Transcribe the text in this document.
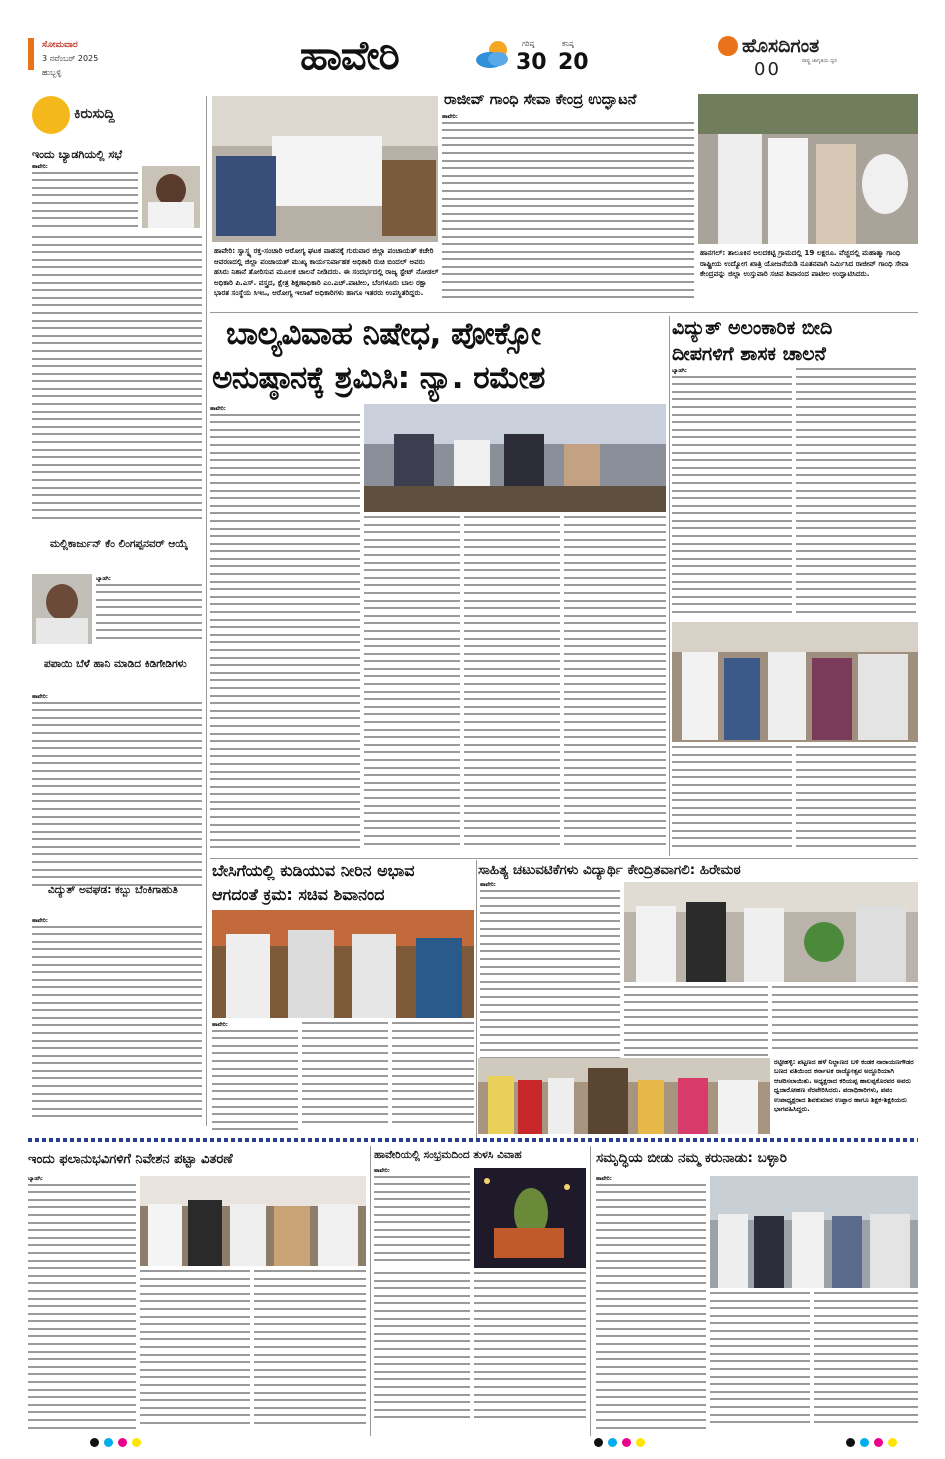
ಸೋಮವಾರ
3 ನವೆಂಬರ್ 2025
ಹುಬ್ಬಳ್ಳಿ	ಹಾವೇರಿ	ಗರಿಷ್ಠ
30
ಕನಿಷ್ಠ
20
ಹೊಸದಿಗಂತ
ರಾಷ್ಟ್ರ ಜಾಗೃತಿಯ ಧ್ವನಿ
00
ಕಿರುಸುದ್ದಿ
ಇಂದು ಬ್ಯಾಡಗಿಯಲ್ಲಿ ಸಭೆ
ಹಾವೇರಿ:
ಮಲ್ಲಿಕಾರ್ಜುನ್ ಕೆಂ ಲಿಂಗಪ್ಪನವರ್ ಆಯ್ಕೆ
ಬ್ಯಾಡಗಿ:
ಪಪಾಯಿ ಬೆಳೆ ಹಾನಿ ಮಾಡಿದ ಕಿಡಿಗೇಡಿಗಳು
ಹಾವೇರಿ:
ವಿದ್ಯುತ್ ಅವಘಡ: ಕಬ್ಬು ಬೆಂಕಿಗಾಹುತಿ
ಹಾವೇರಿ:
ಹಾವೇರಿ: ಸ್ವಾಸ್ಥ್ಯ ರಕ್ತ-ಸಂಚಾರಿ ಆರೋಗ್ಯ ಘಟಕ ವಾಹನಕ್ಕೆ ಗುರುವಾರ ಜಿಲ್ಲಾ ಪಂಚಾಯತ್ ಕಚೇರಿ ಆವರಣದಲ್ಲಿ ಜಿಲ್ಲಾ ಪಂಚಾಯತ್ ಮುಖ್ಯ ಕಾರ್ಯನಿರ್ವಾಹಕ ಅಧಿಕಾರಿ ರುಚಿ ಬಿಂದಲ್ ಅವರು ಹಸಿರು ನಿಶಾನೆ ತೋರಿಸುವ ಮೂಲಕ ಚಾಲನೆ ನೀಡಿದರು. ಈ ಸಂದರ್ಭದಲ್ಲಿ ರಾಜ್ಯ ಸ್ಟೇಟ್ ನೋಡಲ್ ಅಧಿಕಾರಿ ಪಿ.ಎಸ್. ವಸ್ತ್ರದ, ಕ್ಷೇತ್ರ ಶಿಕ್ಷಣಾಧಿಕಾರಿ ಎಂ.ಎಚ್.ಪಾಟೀಲ, ಬೆಂಗಳೂರು ಬಾಲ ರಕ್ಷಾ ಭಾರತ ಸಂಸ್ಥೆಯ ಸಿಇಒ, ಆರೋಗ್ಯ ಇಲಾಖೆ ಅಧಿಕಾರಿಗಳು ಹಾಗೂ ಇತರರು ಉಪಸ್ಥಿತರಿದ್ದರು.
ರಾಜೀವ್ ಗಾಂಧಿ ಸೇವಾ ಕೇಂದ್ರ ಉದ್ಘಾಟನೆ
ಹಾವೇರಿ:
ಹಾನಗಲ್: ತಾಲೂಕಿನ ಅಲದಕಟ್ಟಿ ಗ್ರಾಮದಲ್ಲಿ 19 ಲಕ್ಷರೂ. ವೆಚ್ಚದಲ್ಲಿ ಮಹಾತ್ಮಾ ಗಾಂಧಿ ರಾಷ್ಟ್ರೀಯ ಉದ್ಯೋಗ ಖಾತ್ರಿ ಯೋಜನೆಯಡಿ ನೂತನವಾಗಿ ನಿರ್ಮಿಸಿದ ರಾಜೀವ್ ಗಾಂಧಿ ಸೇವಾ ಕೇಂದ್ರವನ್ನು ಜಿಲ್ಲಾ ಉಸ್ತುವಾರಿ ಸಚಿವ ಶಿವಾನಂದ ಪಾಟೀಲ ಉದ್ಘಾಟಿಸಿದರು.
ಬಾಲ್ಯವಿವಾಹ ನಿಷೇಧ, ಪೋಕ್ಸೋ
ಅನುಷ್ಠಾನಕ್ಕೆ ಶ್ರಮಿಸಿ: ನ್ಯಾ. ರಮೇಶ
ಹಾವೇರಿ:
ವಿದ್ಯುತ್ ಅಲಂಕಾರಿಕ ಬೀದಿ
ದೀಪಗಳಿಗೆ ಶಾಸಕ ಚಾಲನೆ
ಬ್ಯಾಡಗಿ:
ಬೇಸಿಗೆಯಲ್ಲಿ ಕುಡಿಯುವ ನೀರಿನ ಅಭಾವ
ಆಗದಂತೆ ಕ್ರಮ: ಸಚಿವ ಶಿವಾನಂದ
ಹಾವೇರಿ:
ಸಾಹಿತ್ಯ ಚಟುವಟಿಕೆಗಳು ವಿದ್ಯಾರ್ಥಿ ಕೇಂದ್ರಿತವಾಗಲಿ: ಹಿರೇಮಠ
ಹಾವೇರಿ:
ರಟ್ಟೀಹಳ್ಳಿ: ಪಟ್ಟಣದ ಹಳೆ ನಿಲ್ದಾಣದ ಬಳಿ ಕಂಡಕ ನಾರಾಯಣಗೌಡರ ಬಣದ ವತಿಯಿಂದ ಕರ್ನಾಟಕ ರಾಜ್ಯೋತ್ಸವ ಅದ್ದೂರಿಯಾಗಿ ಆಚರಿಸಲಾಯಿತು. ಅಧ್ಯಕ್ಷರಾದ ಕರಿಯಪ್ಪ ಹಾಲಪ್ಪಕೊರವರ ಅವರು ಧ್ವಜಾರೋಹಣ ನೆರವೇರಿಸಿದರು. ಪದಾಧಿಕಾರಿಗಳು, ಪಪಂ ಉಪಾಧ್ಯಕ್ಷರಾದ ಶಿವಕುಮಾರ ಉಪ್ಪಾರ ಹಾಗೂ ಶಿಕ್ಷಕ-ಶಿಕ್ಷಕಿಯರು ಭಾಗವಹಿಸಿದ್ದರು.
ಇಂದು ಫಲಾನುಭವಿಗಳಿಗೆ ನಿವೇಶನ ಪಟ್ಟಾ ವಿತರಣೆ
ಬ್ಯಾಡಗಿ:
ಹಾವೇರಿಯಲ್ಲಿ ಸಂಭ್ರಮದಿಂದ ತುಳಸಿ ವಿವಾಹ
ಹಾವೇರಿ:
ಸಮೃದ್ಧಿಯ ಬೀಡು ನಮ್ಮ ಕರುನಾಡು: ಬಳ್ಳಾರಿ
ಹಾವೇರಿ:
